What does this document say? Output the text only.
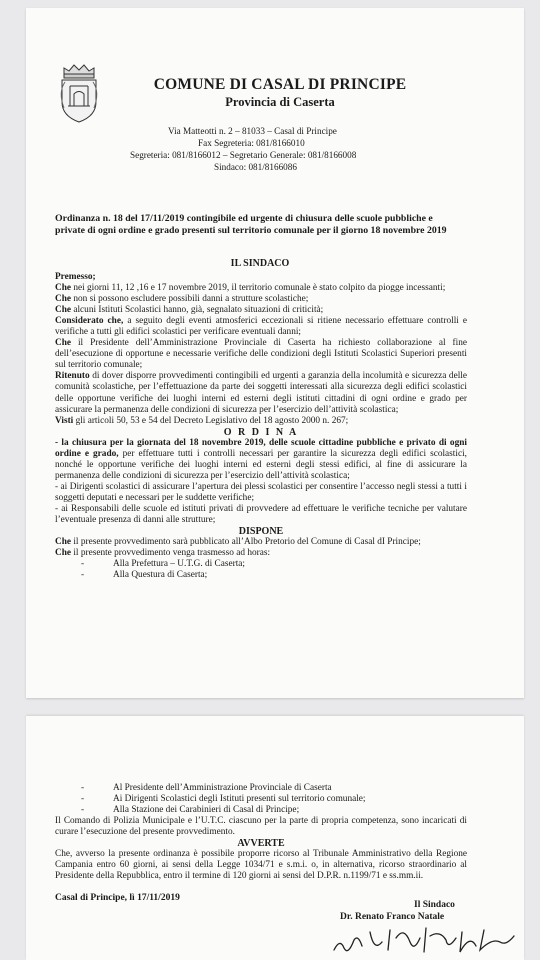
COMUNE DI CASAL DI PRINCIPE
Provincia di Caserta
Via Matteotti n. 2 – 81033 – Casal di Principe
Fax Segreteria: 081/8166010
Segreteria: 081/8166012 – Segretario Generale: 081/8166008
Sindaco: 081/8166086
Ordinanza n. 18 del 17/11/2019 contingibile ed urgente di chiusura delle scuole pubbliche e private di ogni ordine e grado presenti sul territorio comunale per il giorno 18 novembre 2019
IL SINDACO

Premesso;

Che nei giorni 11, 12 ,16 e 17 novembre 2019, il territorio comunale è stato colpito da piogge incessanti;

Che non si possono escludere possibili danni a strutture scolastiche;

Che alcuni Istituti Scolastici hanno, già, segnalato situazioni di criticità;

Considerato che, a seguito degli eventi atmosferici eccezionali si ritiene necessario effettuare controlli e verifiche a tutti gli edifici scolastici per verificare eventuali danni;

Che il Presidente dell’Amministrazione Provinciale di Caserta ha richiesto collaborazione al fine dell’esecuzione di opportune e necessarie verifiche delle condizioni degli Istituti Scolastici Superiori presenti sul territorio comunale;

Ritenuto di dover disporre provvedimenti contingibili ed urgenti a garanzia della incolumità e sicurezza delle comunità scolastiche, per l’effettuazione da parte dei soggetti interessati alla sicurezza degli edifici scolastici delle opportune verifiche dei luoghi interni ed esterni degli istituti cittadini di ogni ordine e grado per assicurare la permanenza delle condizioni di sicurezza per l’esercizio dell’attività scolastica;

Visti gli articoli 50, 53 e 54 del Decreto Legislativo del 18 agosto 2000 n. 267;

O R D I N A

- la chiusura per la giornata del 18 novembre 2019, delle scuole cittadine pubbliche e privato di ogni ordine e grado, per effettuare tutti i controlli necessari per garantire la sicurezza degli edifici scolastici, nonché le opportune verifiche dei luoghi interni ed esterni degli stessi edifici, al fine di assicurare la permanenza delle condizioni di sicurezza per l’esercizio dell’attività scolastica;

- ai Dirigenti scolastici di assicurare l’apertura dei plessi scolastici per consentire l’accesso negli stessi a tutti i soggetti deputati e necessari per le suddette verifiche;

- ai Responsabili delle scuole ed istituti privati di provvedere ad effettuare le verifiche tecniche per valutare l’eventuale presenza di danni alle strutture;

DISPONE

Che il presente provvedimento sarà pubblicato all’Albo Pretorio del Comune di Casal dI Principe;

Che il presente provvedimento venga trasmesso ad horas:

-	Alla Prefettura – U.T.G. di Caserta;
-	Alla Questura di Caserta;
-	Al Presidente dell’Amministrazione Provinciale di Caserta
-	Ai Dirigenti Scolastici degli Istituti presenti sul territorio comunale;
-	Alla Stazione dei Carabinieri di Casal di Principe;

Il Comando di Polizia Municipale e l’U.T.C. ciascuno per la parte di propria competenza, sono incaricati di curare l’esecuzione del presente provvedimento.

AVVERTE

Che, avverso la presente ordinanza è possibile proporre ricorso al Tribunale Amministrativo della Regione Campania entro 60 giorni, ai sensi della Legge 1034/71 e s.m.i. o, in alternativa, ricorso straordinario al Presidente della Repubblica, entro il termine di 120 giorni ai sensi del D.P.R. n.1199/71 e ss.mm.ii.

Casal di Principe, lì 17/11/2019
Il Sindaco
Dr. Renato Franco Natale
